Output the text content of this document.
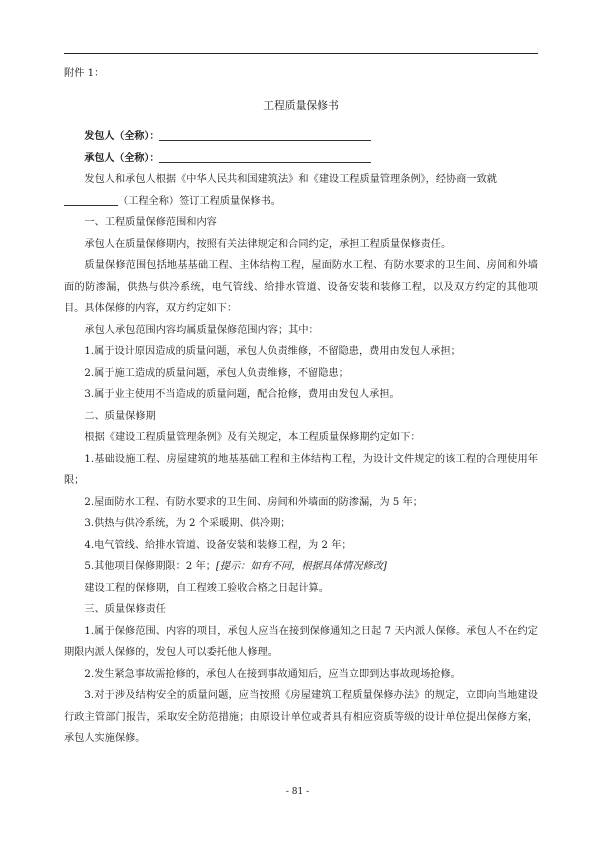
附件 1：

工程质量保修书

发包人（全称）：

承包人（全称）：

发包人和承包人根据《中华人民共和国建筑法》和《建设工程质量管理条例》，经协商一致就

（工程全称）签订工程质量保修书。

一、工程质量保修范围和内容

承包人在质量保修期内，按照有关法律规定和合同约定，承担工程质量保修责任。

质量保修范围包括地基基础工程、主体结构工程，屋面防水工程、有防水要求的卫生间、房间和外墙面的防渗漏，供热与供冷系统，电气管线、给排水管道、设备安装和装修工程，以及双方约定的其他项目。具体保修的内容，双方约定如下：

承包人承包范围内容均属质量保修范围内容；其中：

1.属于设计原因造成的质量问题，承包人负责维修，不留隐患，费用由发包人承担；

2.属于施工造成的质量问题，承包人负责维修，不留隐患；

3.属于业主使用不当造成的质量问题，配合抢修，费用由发包人承担。

二、质量保修期

根据《建设工程质量管理条例》及有关规定，本工程质量保修期约定如下：

1.基础设施工程、房屋建筑的地基基础工程和主体结构工程，为设计文件规定的该工程的合理使用年限；

2.屋面防水工程、有防水要求的卫生间、房间和外墙面的防渗漏，为 5 年；

3.供热与供冷系统，为 2 个采暖期、供冷期；

4.电气管线、给排水管道、设备安装和装修工程，为 2 年；

5.其他项目保修期限：2 年；[提示：如有不同，根据具体情况修改]

建设工程的保修期，自工程竣工验收合格之日起计算。

三、质量保修责任

1.属于保修范围、内容的项目，承包人应当在接到保修通知之日起 7 天内派人保修。承包人不在约定期限内派人保修的，发包人可以委托他人修理。

2.发生紧急事故需抢修的，承包人在接到事故通知后，应当立即到达事故现场抢修。

3.对于涉及结构安全的质量问题，应当按照《房屋建筑工程质量保修办法》的规定，立即向当地建设行政主管部门报告，采取安全防范措施；由原设计单位或者具有相应资质等级的设计单位提出保修方案，承包人实施保修。

- 81 -
